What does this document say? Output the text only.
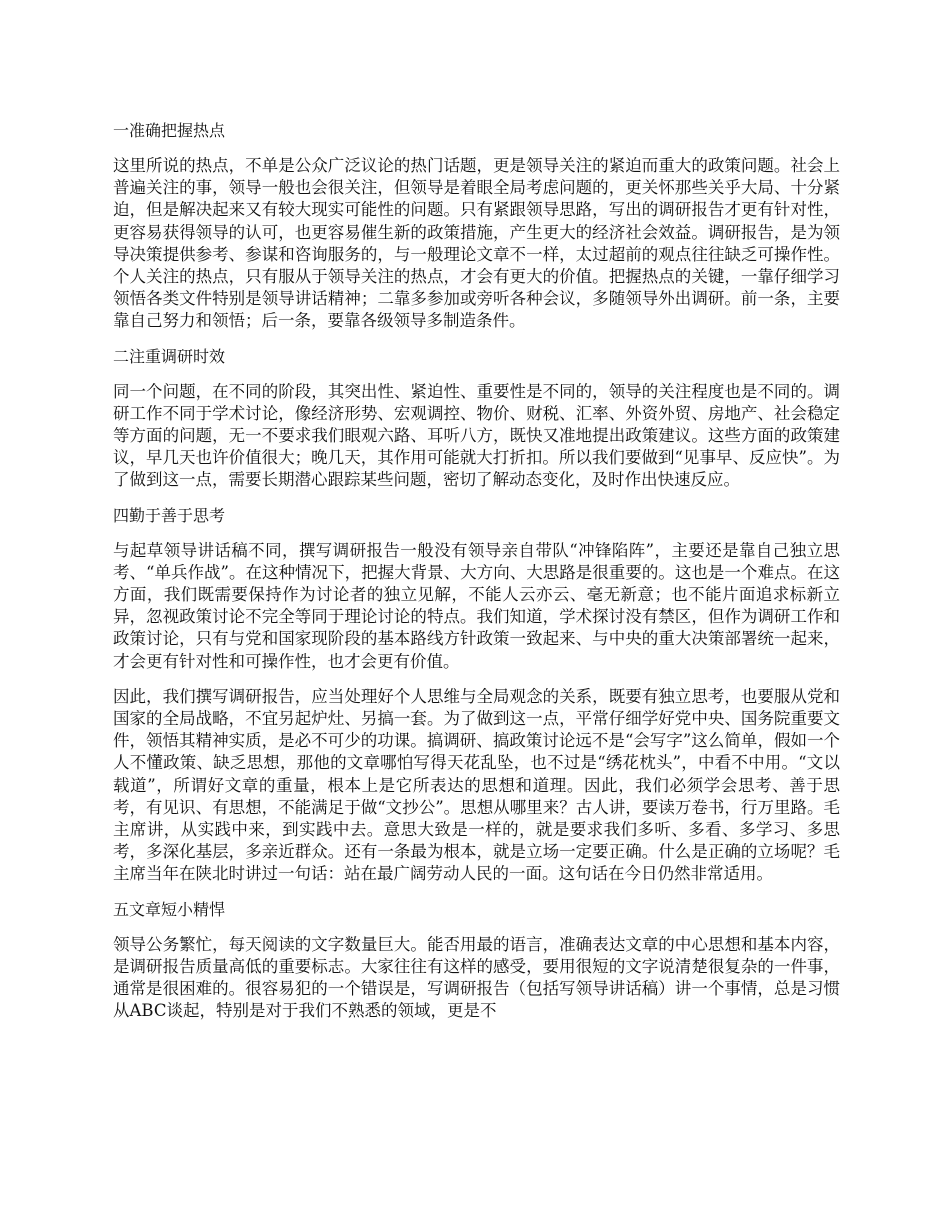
一准确把握热点
这里所说的热点，不单是公众广泛议论的热门话题，更是领导关注的紧迫而重大的政策问题。社会上普遍关注的事，领导一般也会很关注，但领导是着眼全局考虑问题的，更关怀那些关乎大局、十分紧迫，但是解决起来又有较大现实可能性的问题。只有紧跟领导思路，写出的调研报告才更有针对性，更容易获得领导的认可，也更容易催生新的政策措施，产生更大的经济社会效益。调研报告，是为领导决策提供参考、参谋和咨询服务的，与一般理论文章不一样，太过超前的观点往往缺乏可操作性。个人关注的热点，只有服从于领导关注的热点，才会有更大的价值。把握热点的关键，一靠仔细学习领悟各类文件特别是领导讲话精神；二靠多参加或旁听各种会议，多随领导外出调研。前一条，主要靠自己努力和领悟；后一条，要靠各级领导多制造条件。
二注重调研时效
同一个问题，在不同的阶段，其突出性、紧迫性、重要性是不同的，领导的关注程度也是不同的。调研工作不同于学术讨论，像经济形势、宏观调控、物价、财税、汇率、外资外贸、房地产、社会稳定等方面的问题，无一不要求我们眼观六路、耳听八方，既快又准地提出政策建议。这些方面的政策建议，早几天也许价值很大；晚几天，其作用可能就大打折扣。所以我们要做到“见事早、反应快”。为了做到这一点，需要长期潜心跟踪某些问题，密切了解动态变化，及时作出快速反应。
四勤于善于思考
与起草领导讲话稿不同，撰写调研报告一般没有领导亲自带队“冲锋陷阵”，主要还是靠自己独立思考、“单兵作战”。在这种情况下，把握大背景、大方向、大思路是很重要的。这也是一个难点。在这方面，我们既需要保持作为讨论者的独立见解，不能人云亦云、毫无新意；也不能片面追求标新立异，忽视政策讨论不完全等同于理论讨论的特点。我们知道，学术探讨没有禁区，但作为调研工作和政策讨论，只有与党和国家现阶段的基本路线方针政策一致起来、与中央的重大决策部署统一起来，才会更有针对性和可操作性，也才会更有价值。
因此，我们撰写调研报告，应当处理好个人思维与全局观念的关系，既要有独立思考，也要服从党和国家的全局战略，不宜另起炉灶、另搞一套。为了做到这一点，平常仔细学好党中央、国务院重要文件，领悟其精神实质，是必不可少的功课。搞调研、搞政策讨论远不是“会写字”这么简单，假如一个人不懂政策、缺乏思想，那他的文章哪怕写得天花乱坠，也不过是“绣花枕头”，中看不中用。“文以载道”，所谓好文章的重量，根本上是它所表达的思想和道理。因此，我们必须学会思考、善于思考，有见识、有思想，不能满足于做“文抄公”。思想从哪里来？古人讲，要读万卷书，行万里路。毛主席讲，从实践中来，到实践中去。意思大致是一样的，就是要求我们多听、多看、多学习、多思考，多深化基层，多亲近群众。还有一条最为根本，就是立场一定要正确。什么是正确的立场呢？毛主席当年在陕北时讲过一句话：站在最广阔劳动人民的一面。这句话在今日仍然非常适用。
五文章短小精悍
领导公务繁忙，每天阅读的文字数量巨大。能否用最的语言，准确表达文章的中心思想和基本内容，是调研报告质量高低的重要标志。大家往往有这样的感受，要用很短的文字说清楚很复杂的一件事，通常是很困难的。很容易犯的一个错误是，写调研报告（包括写领导讲话稿）讲一个事情，总是习惯从ABC谈起，特别是对于我们不熟悉的领域，更是不
